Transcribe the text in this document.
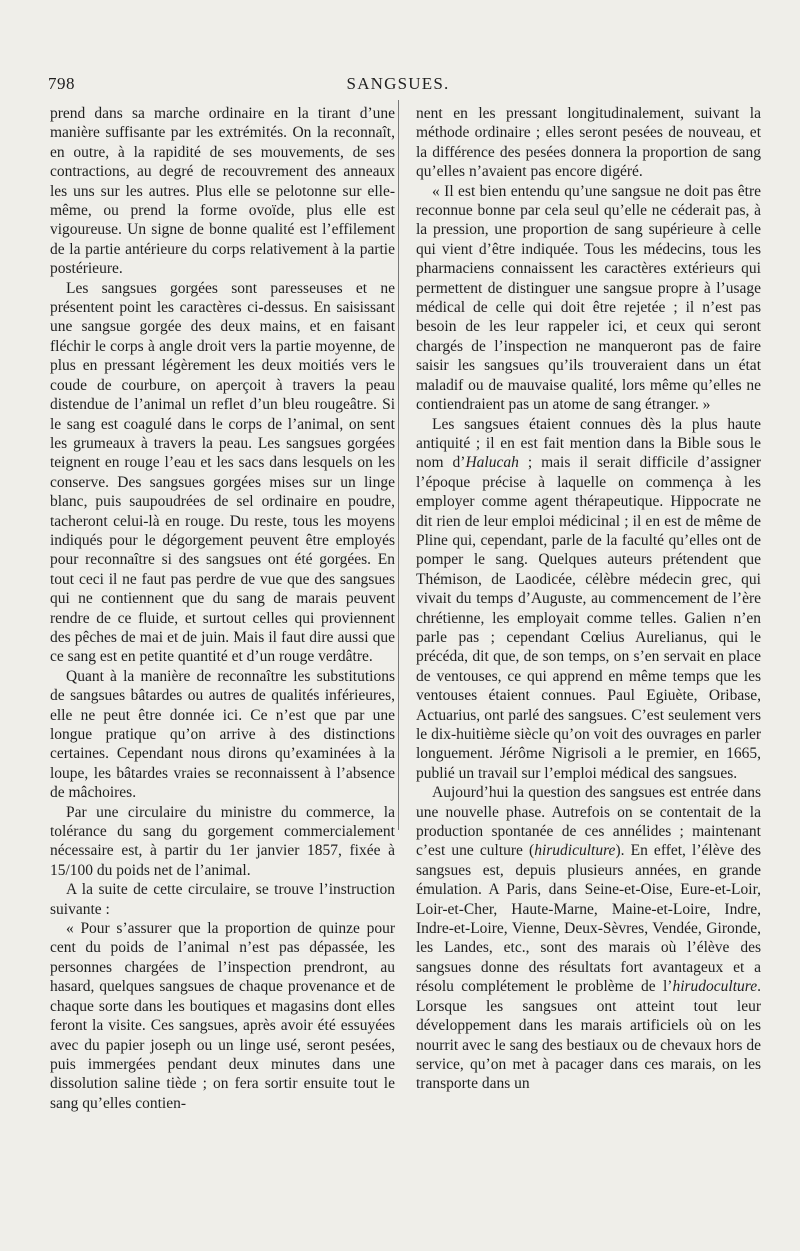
798	SANGSUES.

prend dans sa marche ordinaire en la tirant d’une manière suffisante par les extrémités. On la reconnaît, en outre, à la rapidité de ses mouvements, de ses contractions, au degré de recouvrement des anneaux les uns sur les autres. Plus elle se pelotonne sur elle-même, ou prend la forme ovoïde, plus elle est vigoureuse. Un signe de bonne qualité est l’effilement de la partie antérieure du corps relativement à la partie postérieure.

Les sangsues gorgées sont paresseuses et ne présentent point les caractères ci-dessus. En saisissant une sangsue gorgée des deux mains, et en faisant fléchir le corps à angle droit vers la partie moyenne, de plus en pressant légèrement les deux moitiés vers le coude de courbure, on aperçoit à travers la peau distendue de l’animal un reflet d’un bleu rougeâtre. Si le sang est coagulé dans le corps de l’animal, on sent les grumeaux à travers la peau. Les sangsues gorgées teignent en rouge l’eau et les sacs dans lesquels on les conserve. Des sangsues gorgées mises sur un linge blanc, puis saupoudrées de sel ordinaire en poudre, tacheront celui-là en rouge. Du reste, tous les moyens indiqués pour le dégorgement peuvent être employés pour reconnaître si des sangsues ont été gorgées. En tout ceci il ne faut pas perdre de vue que des sangsues qui ne contiennent que du sang de marais peuvent rendre de ce fluide, et surtout celles qui proviennent des pêches de mai et de juin. Mais il faut dire aussi que ce sang est en petite quantité et d’un rouge verdâtre.

Quant à la manière de reconnaître les substitutions de sangsues bâtardes ou autres de qualités inférieures, elle ne peut être donnée ici. Ce n’est que par une longue pratique qu’on arrive à des distinctions certaines. Cependant nous dirons qu’examinées à la loupe, les bâtardes vraies se reconnaissent à l’absence de mâchoires.

Par une circulaire du ministre du commerce, la tolérance du sang du gorgement commercialement nécessaire est, à partir du 1er janvier 1857, fixée à 15/100 du poids net de l’animal.

A la suite de cette circulaire, se trouve l’instruction suivante :

« Pour s’assurer que la proportion de quinze pour cent du poids de l’animal n’est pas dépassée, les personnes chargées de l’inspection prendront, au hasard, quelques sangsues de chaque provenance et de chaque sorte dans les boutiques et magasins dont elles feront la visite. Ces sangsues, après avoir été essuyées avec du papier joseph ou un linge usé, seront pesées, puis immergées pendant deux minutes dans une dissolution saline tiède ; on fera sortir ensuite tout le sang qu’elles contien-

nent en les pressant longitudinalement, suivant la méthode ordinaire ; elles seront pesées de nouveau, et la différence des pesées donnera la proportion de sang qu’elles n’avaient pas encore digéré.

« Il est bien entendu qu’une sangsue ne doit pas être reconnue bonne par cela seul qu’elle ne céderait pas, à la pression, une proportion de sang supérieure à celle qui vient d’être indiquée. Tous les médecins, tous les pharmaciens connaissent les caractères extérieurs qui permettent de distinguer une sangsue propre à l’usage médical de celle qui doit être rejetée ; il n’est pas besoin de les leur rappeler ici, et ceux qui seront chargés de l’inspection ne manqueront pas de faire saisir les sangsues qu’ils trouveraient dans un état maladif ou de mauvaise qualité, lors même qu’elles ne contiendraient pas un atome de sang étranger. »

Les sangsues étaient connues dès la plus haute antiquité ; il en est fait mention dans la Bible sous le nom d’Halucah ; mais il serait difficile d’assigner l’époque précise à laquelle on commença à les employer comme agent thérapeutique. Hippocrate ne dit rien de leur emploi médicinal ; il en est de même de Pline qui, cependant, parle de la faculté qu’elles ont de pomper le sang. Quelques auteurs prétendent que Thémison, de Laodicée, célèbre médecin grec, qui vivait du temps d’Auguste, au commencement de l’ère chrétienne, les employait comme telles. Galien n’en parle pas ; cependant Cœlius Aurelianus, qui le précéda, dit que, de son temps, on s’en servait en place de ventouses, ce qui apprend en même temps que les ventouses étaient connues. Paul Egiuète, Oribase, Actuarius, ont parlé des sangsues. C’est seulement vers le dix-huitième siècle qu’on voit des ouvrages en parler longuement. Jérôme Nigrisoli a le premier, en 1665, publié un travail sur l’emploi médical des sangsues.

Aujourd’hui la question des sangsues est entrée dans une nouvelle phase. Autrefois on se contentait de la production spontanée de ces annélides ; maintenant c’est une culture (hirudiculture). En effet, l’élève des sangsues est, depuis plusieurs années, en grande émulation. A Paris, dans Seine-et-Oise, Eure-et-Loir, Loir-et-Cher, Haute-Marne, Maine-et-Loire, Indre, Indre-et-Loire, Vienne, Deux-Sèvres, Vendée, Gironde, les Landes, etc., sont des marais où l’élève des sangsues donne des résultats fort avantageux et a résolu complétement le problème de l’hirudoculture. Lorsque les sangsues ont atteint tout leur développement dans les marais artificiels où on les nourrit avec le sang des bestiaux ou de chevaux hors de service, qu’on met à pacager dans ces marais, on les transporte dans un
